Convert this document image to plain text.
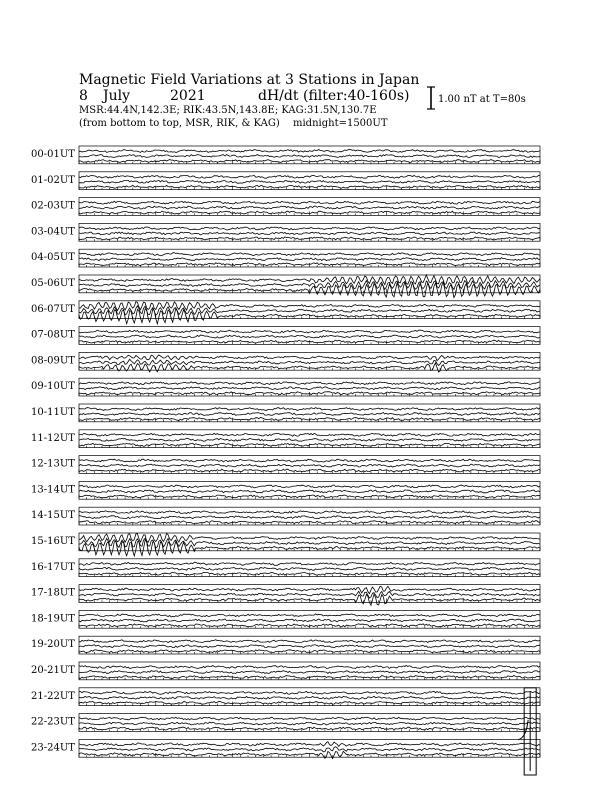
Magnetic Field Variations at 3 Stations in Japan
8 July	2021	dH/dt (filter:40-160s)
MSR:44.4N,142.3E; RIK:43.5N,143.8E; KAG:31.5N,130.7E
(from bottom to top, MSR, RIK, & KAG) midnight=1500UT
1.00 nT at T=80s
00-01UT
01-02UT
02-03UT
03-04UT
04-05UT
05-06UT
06-07UT
07-08UT
08-09UT
09-10UT
10-11UT
11-12UT
12-13UT
13-14UT
14-15UT
15-16UT
16-17UT
17-18UT
18-19UT
19-20UT
20-21UT
21-22UT
22-23UT
23-24UT
